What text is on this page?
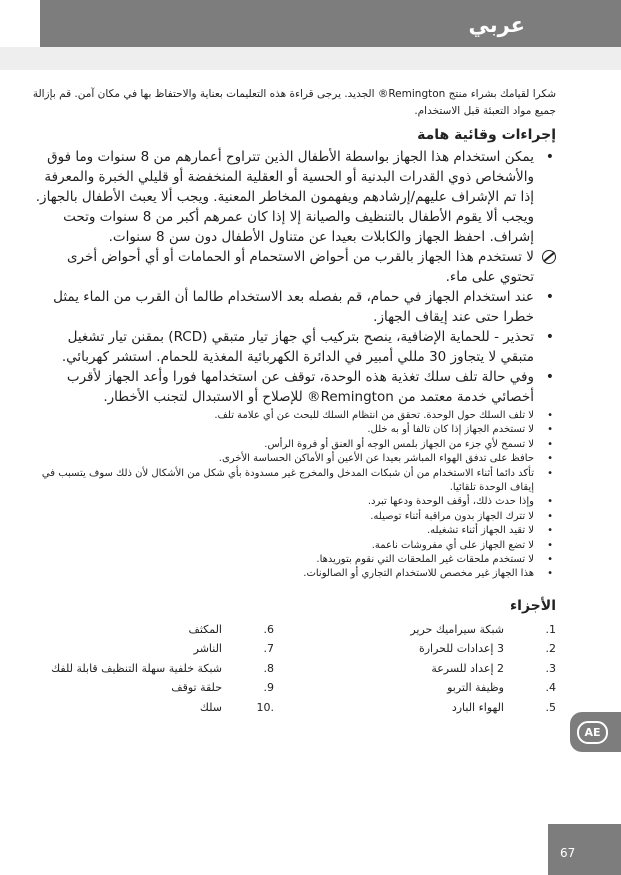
عربي

شكرا لقيامك بشراء منتج Remington® الجديد. يرجى قراءة هذه التعليمات بعناية والاحتفاظ بها في مكان آمن. قم بإزالة جميع مواد التعبئة قبل الاستخدام.

إجراءات وقائية هامة
•
يمكن استخدام هذا الجهاز بواسطة الأطفال الذين تتراوح أعمارهم من 8 سنوات وما فوق والأشخاص ذوي القدرات البدنية أو الحسية أو العقلية المنخفضة أو قليلي الخبرة والمعرفة إذا تم الإشراف عليهم/إرشادهم ويفهمون المخاطر المعنية. ويجب ألا يعبث الأطفال بالجهاز. ويجب ألا يقوم الأطفال بالتنظيف والصيانة إلا إذا كان عمرهم أكبر من 8 سنوات وتحت إشراف. احفظ الجهاز والكابلات بعيدا عن متناول الأطفال دون سن 8 سنوات.
لا تستخدم هذا الجهاز بالقرب من أحواض الاستحمام أو الحمامات أو أي أحواض أخرى تحتوي على ماء.
•
عند استخدام الجهاز في حمام، قم بفصله بعد الاستخدام طالما أن القرب من الماء يمثل خطرا حتى عند إيقاف الجهاز.
•
تحذير - للحماية الإضافية، ينصح بتركيب أي جهاز تيار متبقي (RCD) بمقنن تيار تشغيل متبقي لا يتجاوز 30 مللي أمبير في الدائرة الكهربائية المغذية للحمام. استشر كهربائي.
•
وفي حالة تلف سلك تغذية هذه الوحدة، توقف عن استخدامها فورا وأعد الجهاز لأقرب أخصائي خدمة معتمد من Remington® للإصلاح أو الاستبدال لتجنب الأخطار.
•
لا تلف السلك حول الوحدة. تحقق من انتظام السلك للبحث عن أي علامة تلف.
•
لا تستخدم الجهاز إذا كان تالفا أو به خلل.
•
لا تسمح لأي جزء من الجهاز بلمس الوجه أو العنق أو فروة الرأس.
•
حافظ على تدفق الهواء المباشر بعيدا عن الأعين أو الأماكن الحساسة الأخرى.
•
تأكد دائما أثناء الاستخدام من أن شبكات المدخل والمخرج غير مسدودة بأي شكل من الأشكال لأن ذلك سوف يتسبب في إيقاف الوحدة تلقائيا.
•
وإذا حدث ذلك، أوقف الوحدة ودعها تبرد.
•
لا تترك الجهاز بدون مراقبة أثناء توصيله.
•
لا تقيد الجهاز أثناء تشغيله.
•
لا تضع الجهاز على أي مفروشات ناعمة.
•
لا تستخدم ملحقات غير الملحقات التي نقوم بتوريدها.
•
هذا الجهاز غير مخصص للاستخدام التجاري أو الصالونات.
الأجزاء
1.
شبكة سيراميك حرير
2.
3 إعدادات للحرارة
3.
2 إعداد للسرعة
4.
وظيفة التربو
5.
الهواء البارد
6.
المكثف
7.
الناشر
8.
شبكة خلفية سهلة التنظيف قابلة للفك
9.
حلقة توقف
.10
سلك
AE
67
